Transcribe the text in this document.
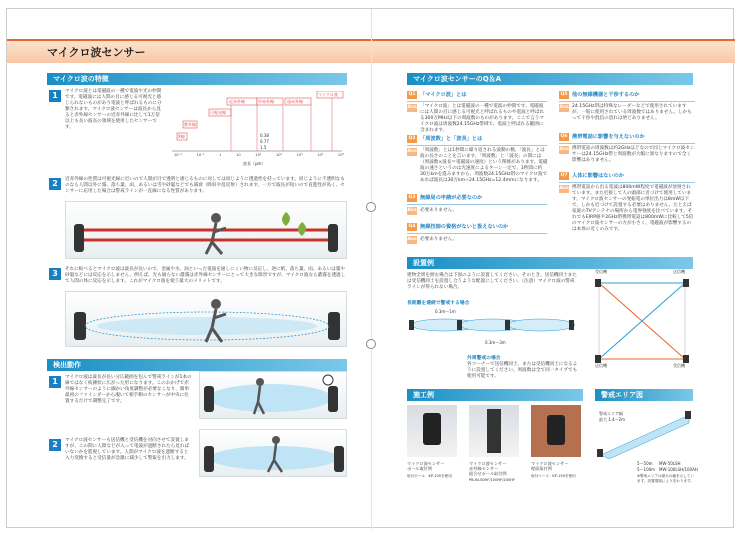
マイクロ波センサー
マイクロ波の特徴
1	マイクロ波とは電磁波の一種で電波や光の仲間です。電磁波には人間の目に感じる可視光と感じられないものがあり電波と呼ばれるものに分類されます。マイクロ波センサーは波長から見ると赤外線センサーの近赤外線に比して1万倍以上も長い波長の領域を使用したセンサーです。
X線
紫外線
可視光線
近赤外線	中赤外線	遠赤外線
マイクロ波
1.5
0.77
0.38
10⁻²	10⁻¹	1	10	10²	10³	10⁴	10⁵	10⁶
波長（μm）
2	近赤外線の性質は可視光線に近いので人間が目で透明と感じるものに対しては同じように透過性を持っています。同じように不透明なものなら人間以外に霧、落ち葉、雨、あるいは雪や砂嵐などでも減衰（吸収や乱反射）されます。一方で波長が短いので直進性が高く、センサーに応用した場合は警戒ラインが一直線になる性質があります。
3	それに較べるとマイクロ波は波長が長いので、金属や水、油といった電波を通しにくい物に反応し、逆に紙、落ち葉、雨、あるいは霧や砂嵐などには反応を示しません。例えば、光も通らない濃霧は赤外線センサーにとって大きな障害ですが、マイクロ波なら濃霧を透過して人間の体に反応を示します。これがマイクロ波を使う最大のメリットです。
検出動作
1	マイクロ波は波長が長い分広範囲を包んで警戒ラインが1本の線ではなく紡錘状に広がった形になります。このおかげで赤外線センサーのように細かい角度調整が必要なくなり、簡単最初のファインダーから覗いて相手側のセンサーが中央に位置するだけで調整完了です。
2	マイクロ波センサーも送信機と受信機を対向させて設置しますが、この間に人間などが入って電波が遮断されたら見ればいないかを監視しています。人間がマイクロ波を遮断すると入力変換すると受信量が急激に減少して警報を出力します。
マイクロ波センサーのQ＆A
Q1 「マイクロ波」とは
Ans 「マイクロ波」とは電磁波の一種で電波の仲間です。電磁波には人間の目に感じる可視光と呼ばれるものや電波と呼ばれる300万MHz以下の周波数のものがあります。ここで言うマイクロ波は周波数24.15GHz帯域で、電波と呼ばれる範囲に含まれます。
Q2 「周波数」と「波長」とは
Ans 「周波数」とは1秒間に繰り返される波動の数、「波長」とは波の長さのことを言います。「周波数」と「波長」の間には（周波数×波長＝電磁波の速度）という関係があります。電磁波の速さというのは光速度によるターン一定で、1秒間に約30万kmを進みますから、周波数24.15GHz帯のマイクロ波であれば波長は30万km÷24.15GHz=12.4mmになります。
Q3 無線局の申請が必要なのか
Ans 必要ありません。
Q4 無線技師の資格がないと扱えないのか
Ans 必要ありません。
Q5 他の無線機器と干渉するのか
Ans 24.15GHz帯は特殊なレーダーなどで使用されていますが、一般に使用されている周波数ではありません。しかもって干渉や混信の恐れは殆どありません。
Q6 携帯電話に影響を与えないのか
Ans 携帯電話の周波数は約2GHzほどなので同じマイクロ波センサーは24.15GHz帯と周波数が大幅に異なりますので全く影響はありません。
Q7 人体に影響はないのか
Ans 携帯電話から出る電波は800mW程度で電磁波が放射されています。また近接して人の頭部に近づけて使用しています。マイクロ波センサーの発振電の単位出力は8mW以下で、しかも近づけて設置する必要はありません。たとえば家庭のTVアンテナの場所から電界強度を比べています。それでもEIRP値や2GHz帯携帯電話は800mWに比較して5倍のマイクロ波センサーの方が小さく、電磁波が影響するのは本体の近くのみです。
設置例
建物全周を囲む場合は下図のように設置してください。そのとき、送信機同士または受信機同士を設置し合うような配置にしてください。（注意）マイクロ波の警戒ラインが得られない場合。
長距離を連続で警戒する場合
0.3m～1m
0.3m～3m
外周警戒の場合
各コーナーで送信機同士、または受信機同士になるように設置してください。周波数は全て同一タイプでも使用可能です。
受信機	送信機
送信機	受信機
施工例
マイクロ波センサー
ポール取付例
取付ポール：KP-100を使用
マイクロ波センサー
赤外線センサー
組合せポール取付例
PB-IN-50HF/100HF/200HF
マイクロ波センサー
壁面取付例
取付ベース：KP-150を使用
警戒エリア図
警戒エリア幅
最大 1.4～2m
5～50m MW-50LSH
5～100m MW-100LSH/100AH
※警戒エリアは最大の幅を示しています。設置環境により変わります。
